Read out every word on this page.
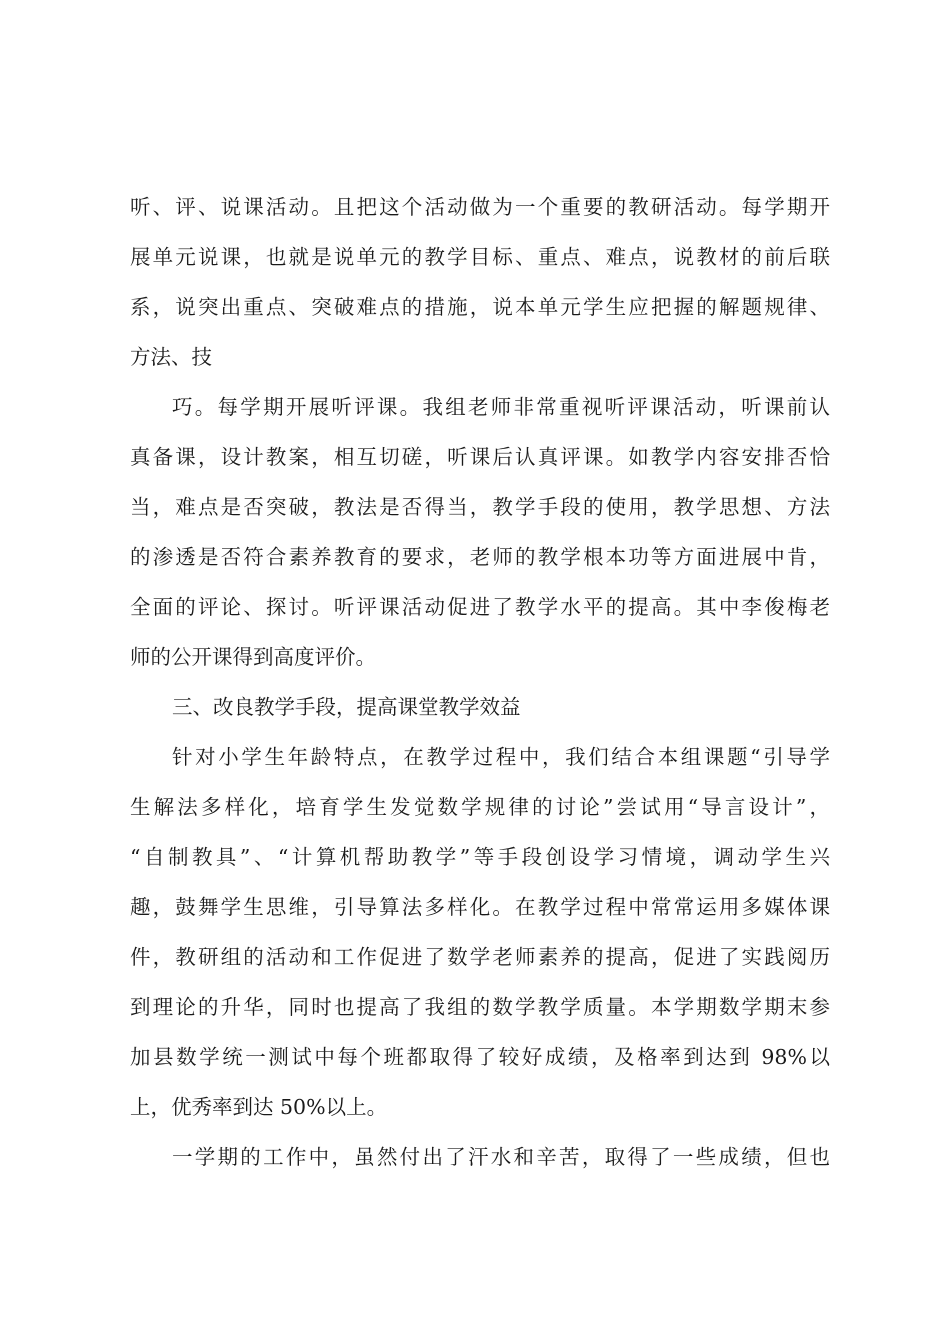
听、评、说课活动。且把这个活动做为一个重要的教研活动。每学期开

展单元说课，也就是说单元的教学目标、重点、难点，说教材的前后联

系，说突出重点、突破难点的措施，说本单元学生应把握的解题规律、

方法、技

巧。每学期开展听评课。我组老师非常重视听评课活动，听课前认

真备课，设计教案，相互切磋，听课后认真评课。如教学内容安排否恰

当，难点是否突破，教法是否得当，教学手段的使用，教学思想、方法

的渗透是否符合素养教育的要求，老师的教学根本功等方面进展中肯，

全面的评论、探讨。听评课活动促进了教学水平的提高。其中李俊梅老

师的公开课得到高度评价。

三、改良教学手段，提高课堂教学效益

针对小学生年龄特点，在教学过程中，我们结合本组课题“引导学

生解法多样化，培育学生发觉数学规律的讨论”尝试用“导言设计”，

“自制教具”、“计算机帮助教学”等手段创设学习情境，调动学生兴

趣，鼓舞学生思维，引导算法多样化。在教学过程中常常运用多媒体课

件，教研组的活动和工作促进了数学老师素养的提高，促进了实践阅历

到理论的升华，同时也提高了我组的数学教学质量。本学期数学期末参

加县数学统一测试中每个班都取得了较好成绩，及格率到达到 98%以

上，优秀率到达 50%以上。

一学期的工作中，虽然付出了汗水和辛苦，取得了一些成绩，但也
